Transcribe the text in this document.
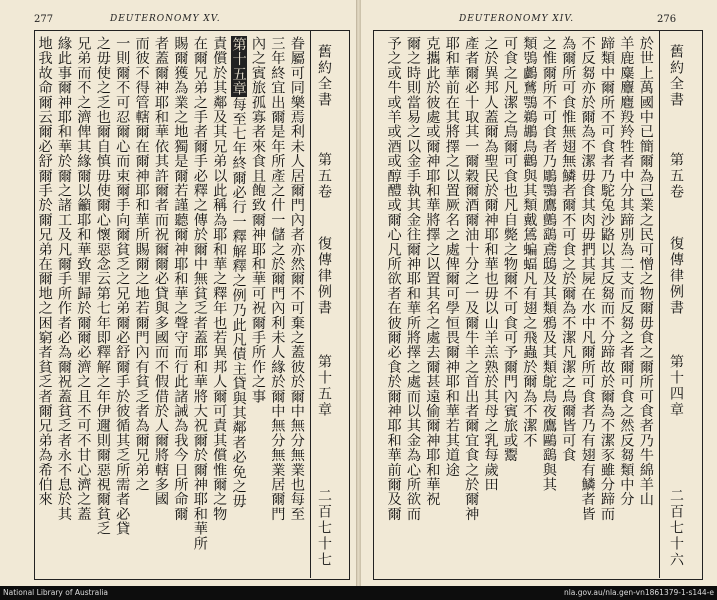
277	DEUTERONOMY XV.
眷屬可同樂焉利未人居爾門內者亦然爾不可棄之蓋彼於爾中無分無業也每至
三年終宜出爾是年所產之什一儲之於爾門內利未人緣於爾中無分無業居爾門
內之賓旅孤寡者來食且飽致爾神耶和華可祝爾手所作之事
第十五章每至七年終爾必行一釋解釋之例乃此凡債主貸與其鄰者必免之毋
責償於其鄰及其兄弟以此稱為耶和華之釋年也若異邦人爾可責其償惟爾之物
在爾兄弟之手者爾手必釋之傳於爾中無貧乏者蓋耶和華將大祝爾於爾神耶和華所
賜爾獲為業之地獨是爾若謹聽爾神耶和華之聲守而行此諸誡為我今日所命爾
者蓋爾神耶和華依其許爾者而祝爾爾必貸與多國而不假借於人爾將轄多國
而彼不得管轄爾在爾神耶和華所賜爾之地若爾門內有貧乏者為爾兄弟之
一則爾不可忍爾心而束爾手向爾貧乏之兄弟爾必舒爾手於彼循其乏所需者必貸
之毋使之乏也爾自慎毋使爾心懷惡念云第七年即釋解之年伊邇則爾惡視爾貧乏
兄弟而不之濟俾其緣爾以籲耶和華致罪歸於爾爾必濟之且不可不甘心濟之蓋
緣此事爾神耶和華於爾之諸工及凡爾手所作者必為爾祝蓋貧乏者永不息於其
地我故命爾云爾必舒爾手於爾兄弟在爾地之困窮者貧乏者爾兄弟為希伯來	舊約全書
第五卷
復傳律例書
第十五章
二百七十七
DEUTERONOMY XIV.	276
於世上萬國中已簡爾為己業之民可憎之物爾毋食之爾所可食者乃牛綿羊山
羊鹿麋麞麅羖羚牲者中分其蹄別為二支而反芻之者爾可食之然反芻類中分
蹄類中爾所不可食者乃駝兔沙䶅以其反芻而不分蹄故於爾為不潔豕雖分蹄而
不反芻亦於爾為不潔毋食其肉毋捫其屍在水中凡爾所可食者乃有翅有鱗者皆
為爾所可食惟無翅無鱗者爾不可食之於爾為不潔凡潔之鳥爾皆可食
之惟爾所不可食者乃鵰鶚鷹鸇鷂鳶鴟及其類鴉及其類鴕鳥夜鷹鷗鷂與其
類鴞鸕鶿鶚鵜鶘鳥鸛與其類戴鵀蝙蝠凡有翅之飛蟲於爾為不潔不
可食之凡潔之鳥爾可食也凡自斃之物爾不可食可予爾門內賓旅或鬻
之於異邦人蓋爾為聖民於爾神耶和華也毋以山羊羔熟於其母之乳每歲田
產者爾必十取其一爾穀爾酒爾油十分之一及爾牛羊之首出者爾宜食之於爾神
耶和華前在其將擇之以置厥名之處俾爾可學恒畏爾神耶和華若其道途
克攜此於彼處或爾神耶和華將擇之以置其名之處去爾甚遠偷爾神耶和華祝
爾之時則當易之以金手執其金往爾神耶和華所將擇之處而以其金為心所欲而
予之或牛或羊或酒或醇醴或爾心凡所欲者在彼爾必食於爾神耶和華前爾及爾	舊約全書
第五卷
復傳律例書
第十四章
二百七十六
National Library of Australia	nla.gov.au/nla.gen-vn1861379-1-s144-e
